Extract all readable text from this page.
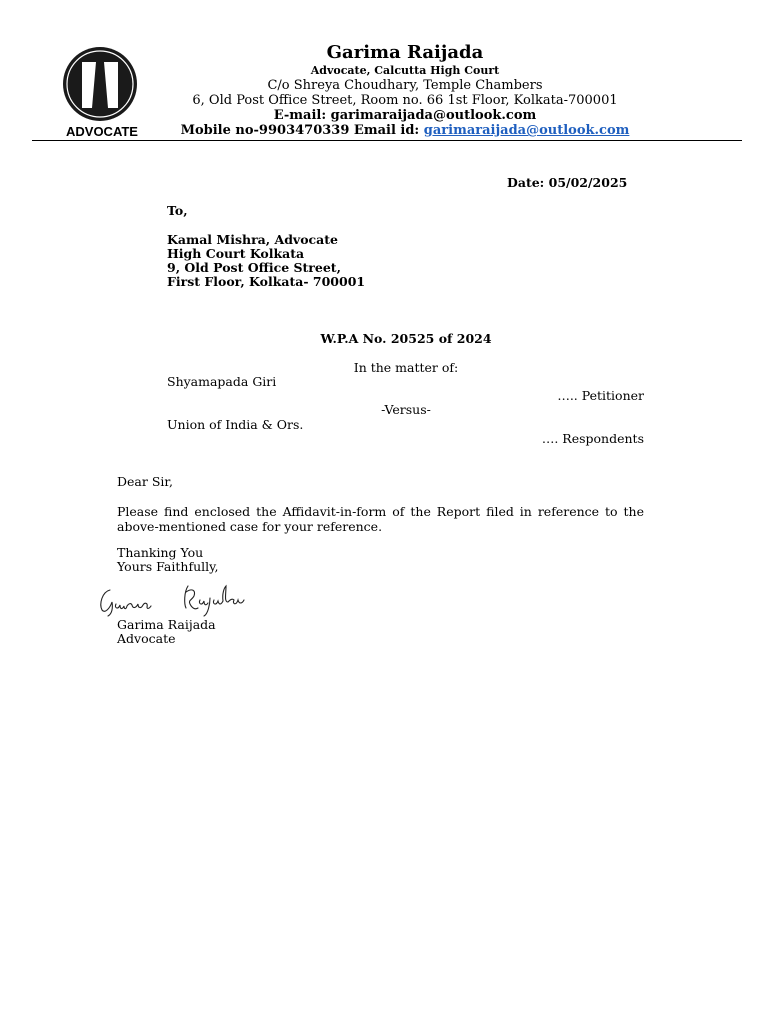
ADVOCATE
Garima Raijada
Advocate, Calcutta High Court
C/o Shreya Choudhary, Temple Chambers
6, Old Post Office Street, Room no. 66 1st Floor, Kolkata-700001
E-mail: garimaraijada@outlook.com
Mobile no-9903470339 Email id: garimaraijada@outlook.com
Date: 05/02/2025
To,
Kamal Mishra, Advocate
High Court Kolkata
9, Old Post Office Street,
First Floor, Kolkata- 700001
W.P.A No. 20525 of 2024
In the matter of:
Shyamapada Giri
….. Petitioner
-Versus-
Union of India & Ors.
…. Respondents
Dear Sir,
Please find enclosed the Affidavit-in-form of the Report filed in reference to the above-mentioned case for your reference.
Thanking You
Yours Faithfully,
Garima Raijada
Advocate
